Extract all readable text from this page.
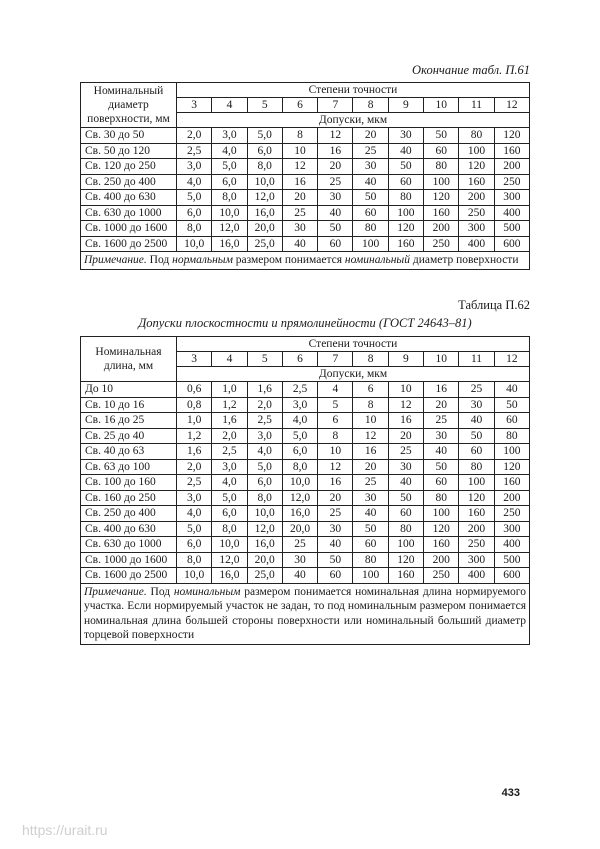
Окончание табл. П.61
Номинальный диаметр поверхности, мм	Степени точности									
	3	4	5	6	7	8	9	10	11	12
	Допуски, мкм									
Св. 30 до 50	2,0	3,0	5,0	8	12	20	30	50	80	120
Св. 50 до 120	2,5	4,0	6,0	10	16	25	40	60	100	160
Св. 120 до 250	3,0	5,0	8,0	12	20	30	50	80	120	200
Св. 250 до 400	4,0	6,0	10,0	16	25	40	60	100	160	250
Св. 400 до 630	5,0	8,0	12,0	20	30	50	80	120	200	300
Св. 630 до 1000	6,0	10,0	16,0	25	40	60	100	160	250	400
Св. 1000 до 1600	8,0	12,0	20,0	30	50	80	120	200	300	500
Св. 1600 до 2500	10,0	16,0	25,0	40	60	100	160	250	400	600
Примечание. Под нормальным размером понимается номинальный диаметр поверхности										
Таблица П.62
Допуски плоскостности и прямолинейности (ГОСТ 24643–81)
Номинальная длина, мм	Степени точности									
	3	4	5	6	7	8	9	10	11	12
	Допуски, мкм									
До 10	0,6	1,0	1,6	2,5	4	6	10	16	25	40
Св. 10 до 16	0,8	1,2	2,0	3,0	5	8	12	20	30	50
Св. 16 до 25	1,0	1,6	2,5	4,0	6	10	16	25	40	60
Св. 25 до 40	1,2	2,0	3,0	5,0	8	12	20	30	50	80
Св. 40 до 63	1,6	2,5	4,0	6,0	10	16	25	40	60	100
Св. 63 до 100	2,0	3,0	5,0	8,0	12	20	30	50	80	120
Св. 100 до 160	2,5	4,0	6,0	10,0	16	25	40	60	100	160
Св. 160 до 250	3,0	5,0	8,0	12,0	20	30	50	80	120	200
Св. 250 до 400	4,0	6,0	10,0	16,0	25	40	60	100	160	250
Св. 400 до 630	5,0	8,0	12,0	20,0	30	50	80	120	200	300
Св. 630 до 1000	6,0	10,0	16,0	25	40	60	100	160	250	400
Св. 1000 до 1600	8,0	12,0	20,0	30	50	80	120	200	300	500
Св. 1600 до 2500	10,0	16,0	25,0	40	60	100	160	250	400	600
Примечание. Под номинальным размером понимается номинальная длина нормируемого участка. Если нормируемый участок не задан, то под номинальным размером понимается номинальная длина большей стороны поверхности или номинальный больший диаметр торцевой поверхности										
433
https://urait.ru
